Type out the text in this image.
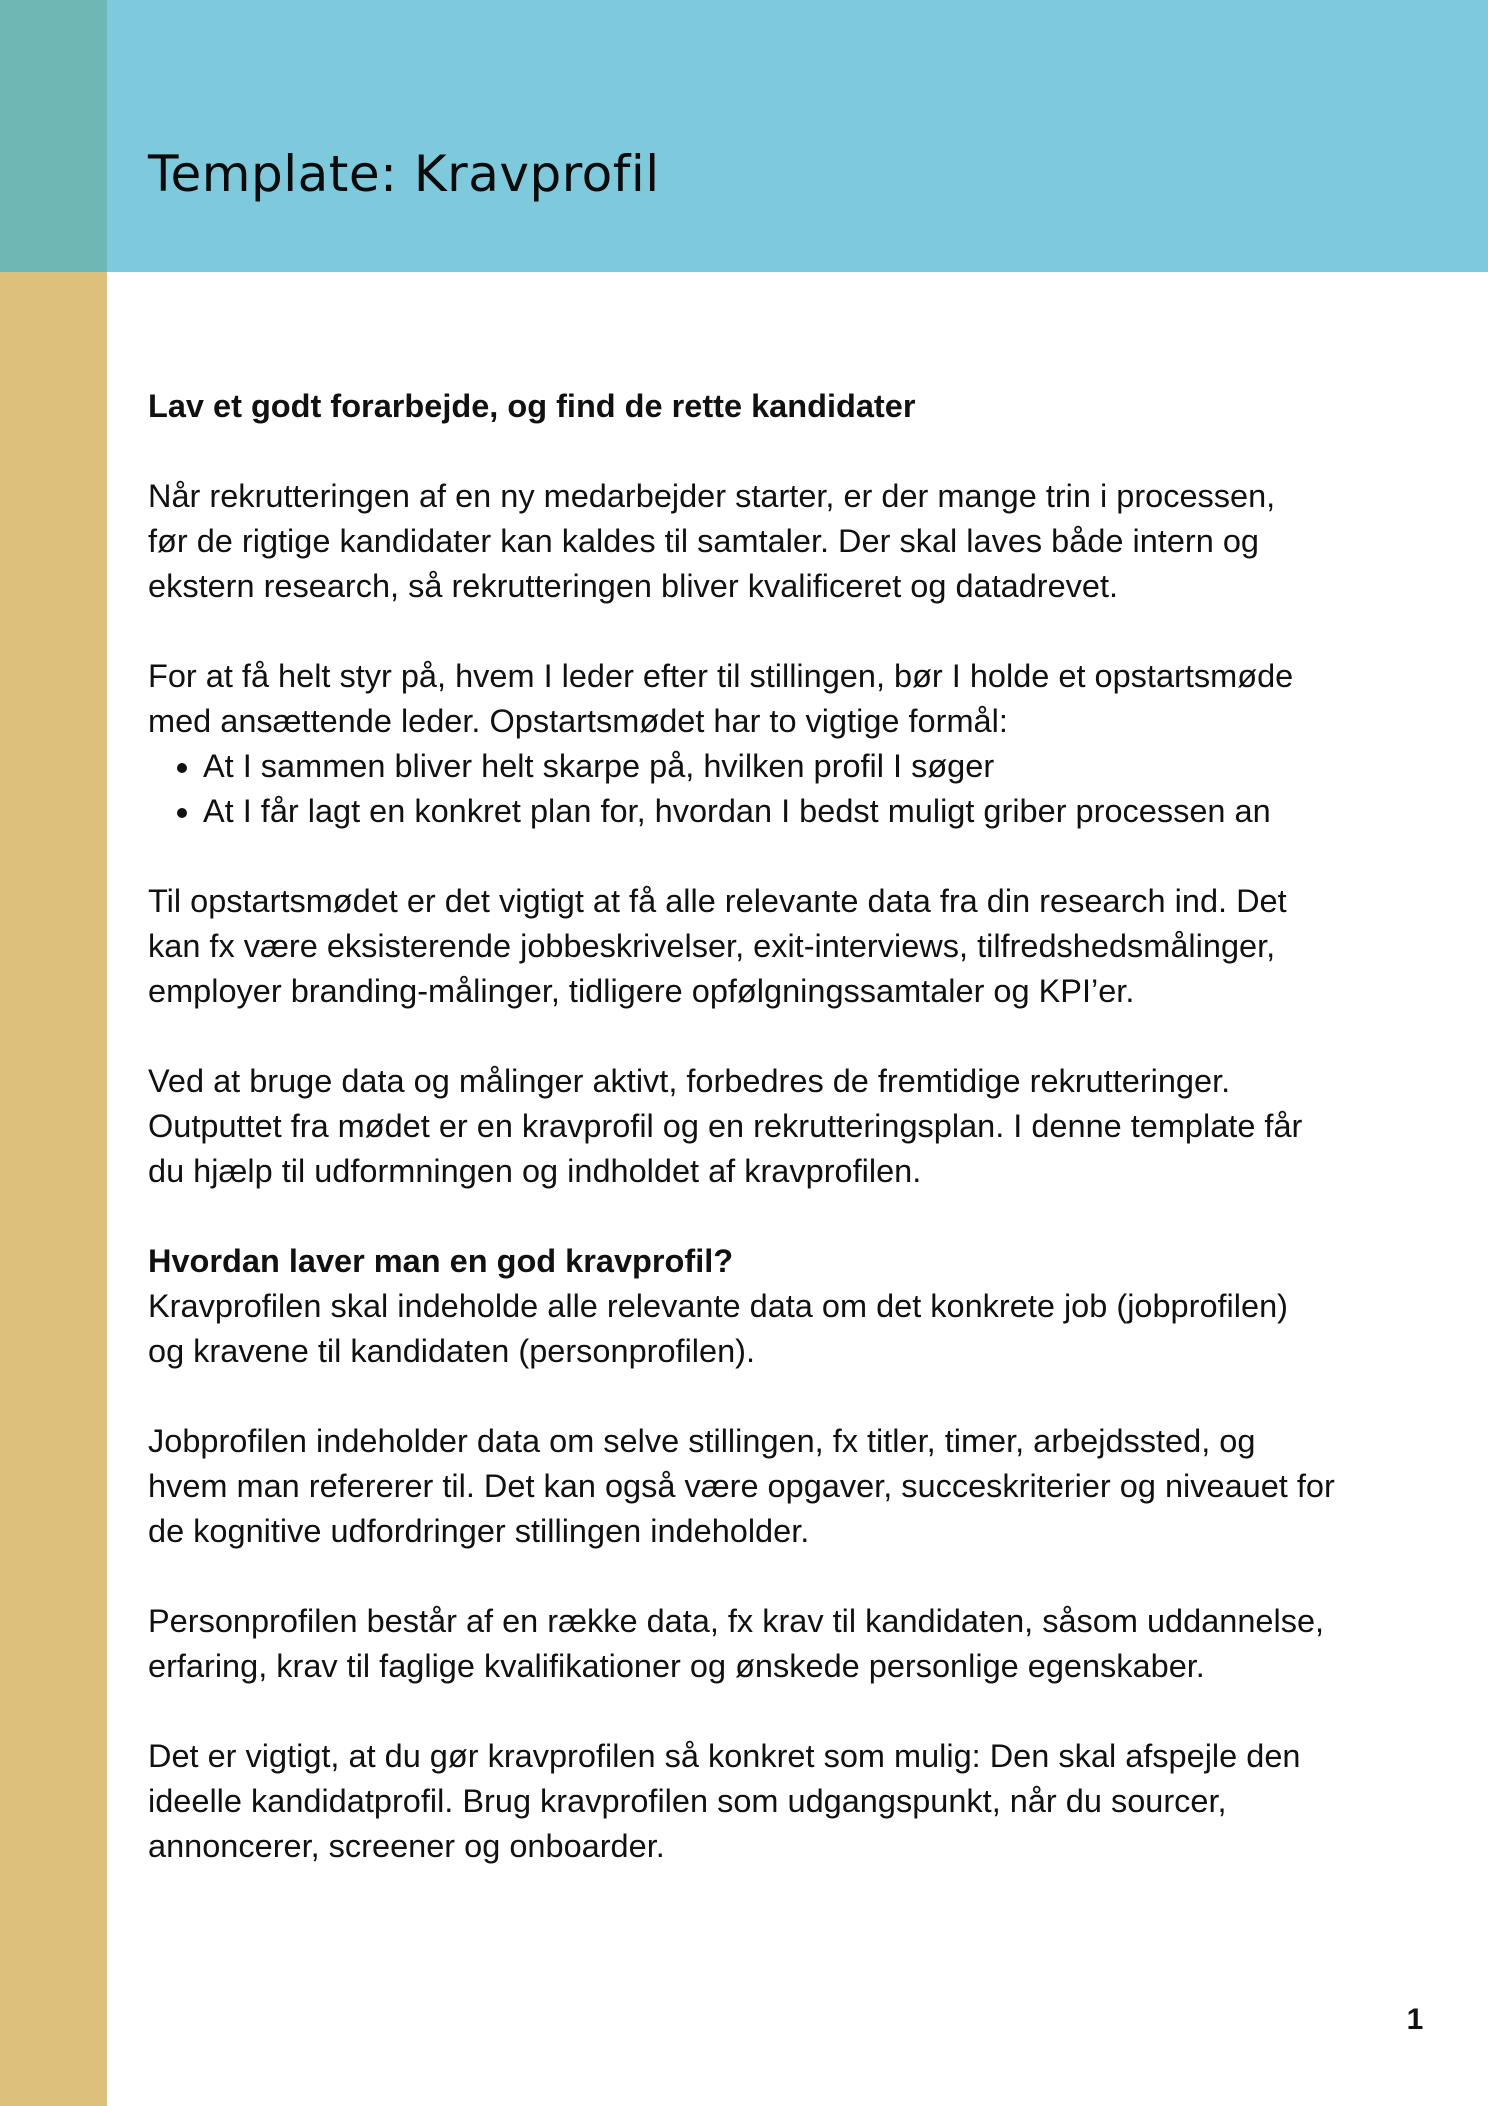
Template: Kravprofil

Lav et godt forarbejde, og find de rette kandidater

Når rekrutteringen af en ny medarbejder starter, er der mange trin i processen,
før de rigtige kandidater kan kaldes til samtaler. Der skal laves både intern og
ekstern research, så rekrutteringen bliver kvalificeret og datadrevet.

For at få helt styr på, hvem I leder efter til stillingen, bør I holde et opstartsmøde
med ansættende leder. Opstartsmødet har to vigtige formål:

• At I sammen bliver helt skarpe på, hvilken profil I søger
• At I får lagt en konkret plan for, hvordan I bedst muligt griber processen an

Til opstartsmødet er det vigtigt at få alle relevante data fra din research ind. Det
kan fx være eksisterende jobbeskrivelser, exit-interviews, tilfredshedsmålinger,
employer branding-målinger, tidligere opfølgningssamtaler og KPI’er.

Ved at bruge data og målinger aktivt, forbedres de fremtidige rekrutteringer.
Outputtet fra mødet er en kravprofil og en rekrutteringsplan. I denne template får
du hjælp til udformningen og indholdet af kravprofilen.

Hvordan laver man en god kravprofil?

Kravprofilen skal indeholde alle relevante data om det konkrete job (jobprofilen)
og kravene til kandidaten (personprofilen).

Jobprofilen indeholder data om selve stillingen, fx titler, timer, arbejdssted, og
hvem man refererer til. Det kan også være opgaver, succeskriterier og niveauet for
de kognitive udfordringer stillingen indeholder.

Personprofilen består af en række data, fx krav til kandidaten, såsom uddannelse,
erfaring, krav til faglige kvalifikationer og ønskede personlige egenskaber.

Det er vigtigt, at du gør kravprofilen så konkret som mulig: Den skal afspejle den
ideelle kandidatprofil. Brug kravprofilen som udgangspunkt, når du sourcer,
annoncerer, screener og onboarder.

1
